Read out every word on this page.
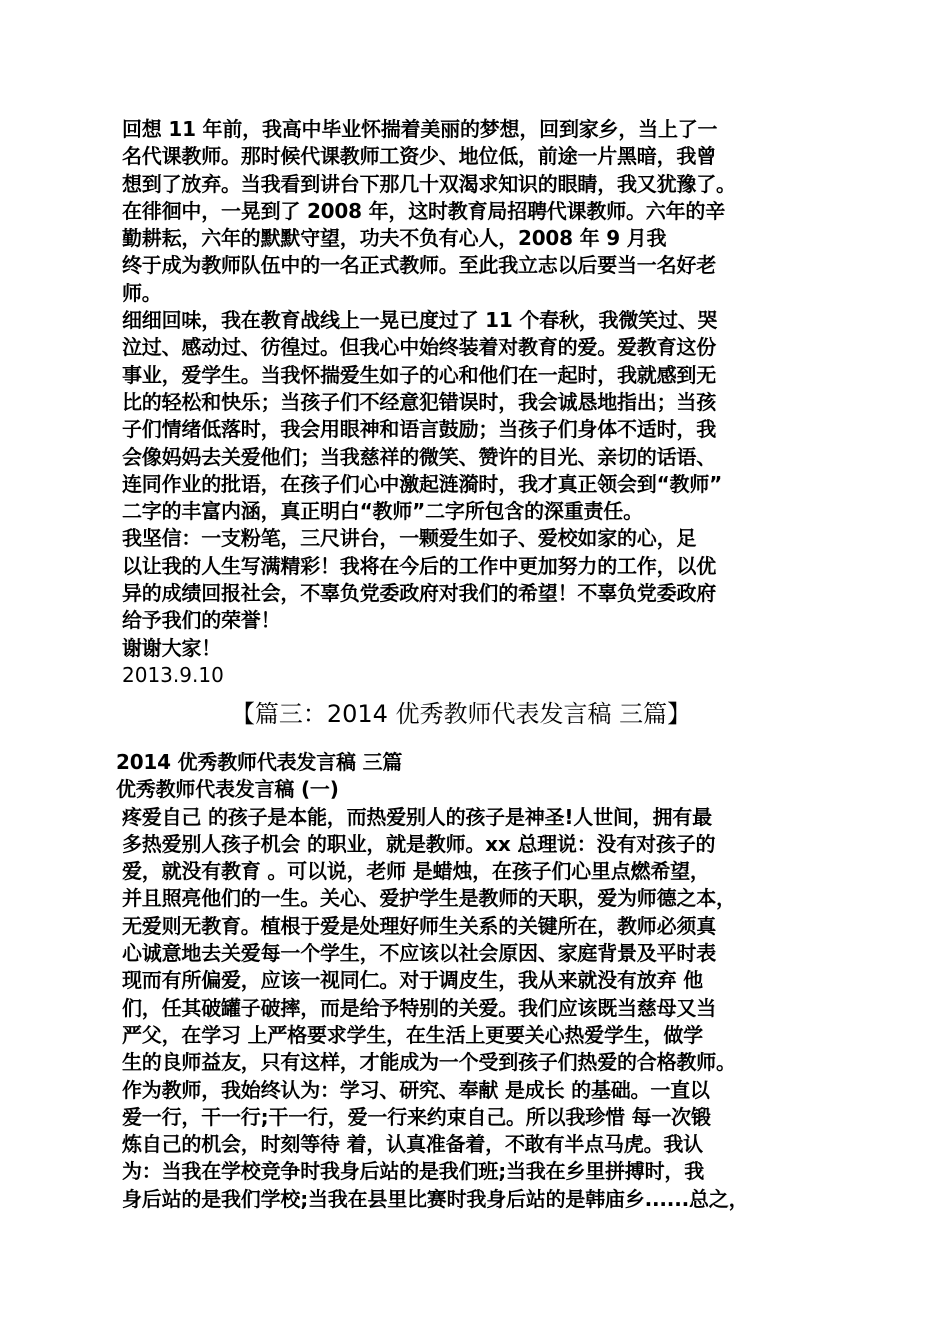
回想 11 年前，我高中毕业怀揣着美丽的梦想，回到家乡，当上了一
名代课教师。那时候代课教师工资少、地位低，前途一片黑暗，我曾
想到了放弃。当我看到讲台下那几十双渴求知识的眼睛，我又犹豫了。
在徘徊中，一晃到了 2008 年，这时教育局招聘代课教师。六年的辛
勤耕耘，六年的默默守望，功夫不负有心人，2008 年 9 月我
终于成为教师队伍中的一名正式教师。至此我立志以后要当一名好老
师。

细细回味，我在教育战线上一晃已度过了 11 个春秋，我微笑过、哭
泣过、感动过、彷徨过。但我心中始终装着对教育的爱。爱教育这份
事业，爱学生。当我怀揣爱生如子的心和他们在一起时，我就感到无
比的轻松和快乐；当孩子们不经意犯错误时，我会诚恳地指出；当孩
子们情绪低落时，我会用眼神和语言鼓励；当孩子们身体不适时，我
会像妈妈去关爱他们；当我慈祥的微笑、赞许的目光、亲切的话语、
连同作业的批语，在孩子们心中激起涟漪时，我才真正领会到“教师”
二字的丰富内涵，真正明白“教师”二字所包含的深重责任。

我坚信：一支粉笔，三尺讲台，一颗爱生如子、爱校如家的心，足
以让我的人生写满精彩！我将在今后的工作中更加努力的工作，以优
异的成绩回报社会，不辜负党委政府对我们的希望！不辜负党委政府
给予我们的荣誉！

谢谢大家！

2013.9.10

【篇三：2014 优秀教师代表发言稿 三篇】

2014 优秀教师代表发言稿 三篇

优秀教师代表发言稿 (一)

疼爱自己 的孩子是本能，而热爱别人的孩子是神圣!人世间，拥有最
多热爱别人孩子机会 的职业，就是教师。xx 总理说：没有对孩子的
爱，就没有教育 。可以说，老师 是蜡烛，在孩子们心里点燃希望，
并且照亮他们的一生。关心、爱护学生是教师的天职，爱为师德之本，
无爱则无教育。植根于爱是处理好师生关系的关键所在，教师必须真
心诚意地去关爱每一个学生，不应该以社会原因、家庭背景及平时表
现而有所偏爱，应该一视同仁。对于调皮生，我从来就没有放弃 他
们，任其破罐子破摔，而是给予特别的关爱。我们应该既当慈母又当
严父，在学习 上严格要求学生，在生活上更要关心热爱学生，做学
生的良师益友，只有这样，才能成为一个受到孩子们热爱的合格教师。

作为教师，我始终认为：学习、研究、奉献 是成长 的基础。一直以
爱一行，干一行;干一行，爱一行来约束自己。所以我珍惜 每一次锻
炼自己的机会，时刻等待 着，认真准备着，不敢有半点马虎。我认
为：当我在学校竞争时我身后站的是我们班;当我在乡里拼搏时，我
身后站的是我们学校;当我在县里比赛时我身后站的是韩庙乡......总之，
